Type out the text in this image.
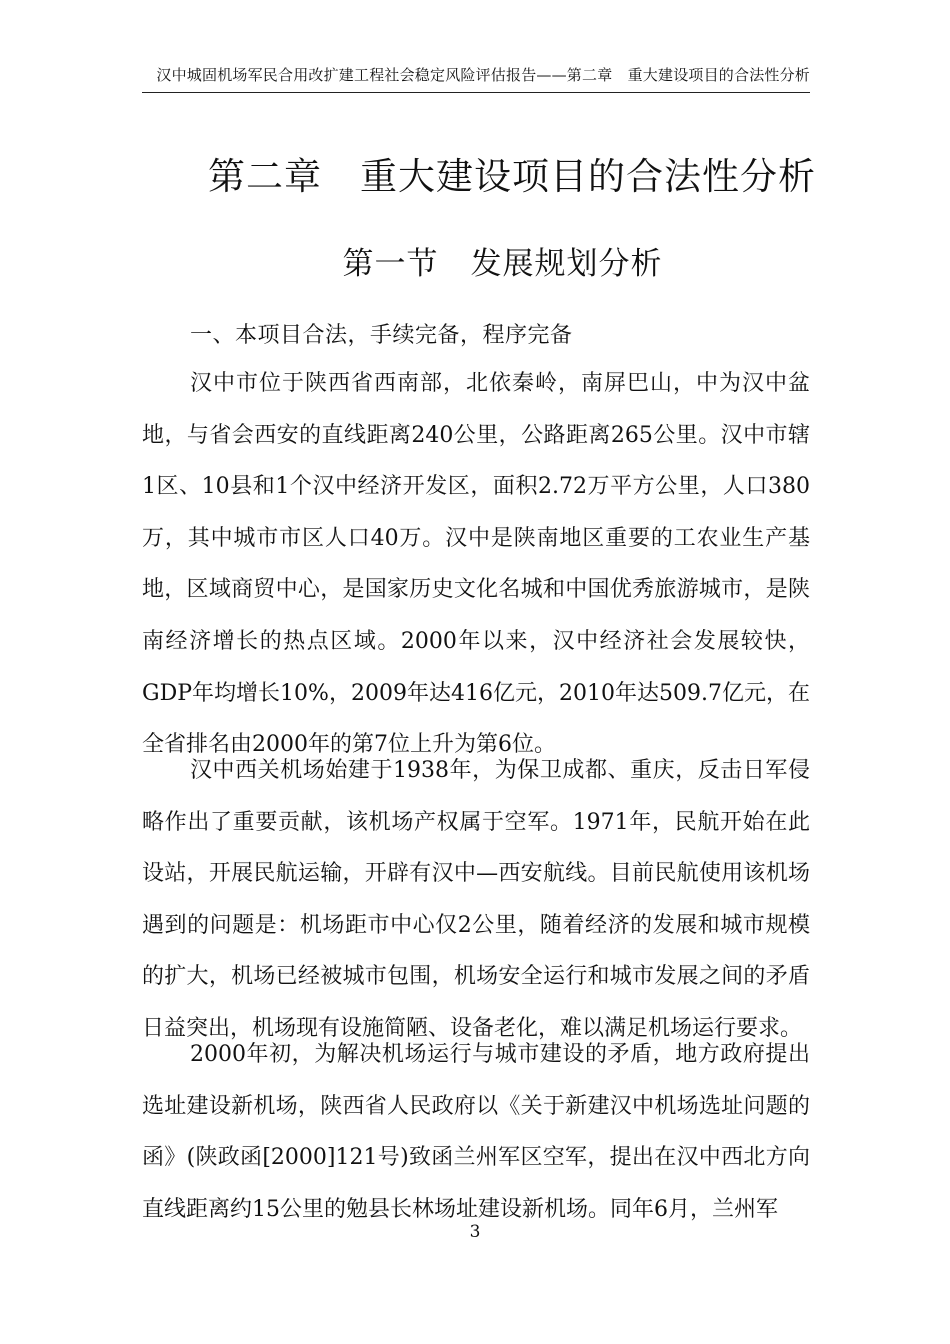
汉中城固机场军民合用改扩建工程社会稳定风险评估报告——第二章　重大建设项目的合法性分析
第二章　重大建设项目的合法性分析
第一节　发展规划分析
一、本项目合法，手续完备，程序完备

汉中市位于陕西省西南部，北依秦岭，南屏巴山，中为汉中盆地，与省会西安的直线距离240公里，公路距离265公里。汉中市辖1区、10县和1个汉中经济开发区，面积2.72万平方公里，人口380万，其中城市市区人口40万。汉中是陕南地区重要的工农业生产基地，区域商贸中心，是国家历史文化名城和中国优秀旅游城市，是陕南经济增长的热点区域。2000年以来，汉中经济社会发展较快，GDP年均增长10%，2009年达416亿元，2010年达509.7亿元，在全省排名由2000年的第7位上升为第6位。

汉中西关机场始建于1938年，为保卫成都、重庆，反击日军侵略作出了重要贡献，该机场产权属于空军。1971年，民航开始在此设站，开展民航运输，开辟有汉中—西安航线。目前民航使用该机场遇到的问题是：机场距市中心仅2公里，随着经济的发展和城市规模的扩大，机场已经被城市包围，机场安全运行和城市发展之间的矛盾日益突出，机场现有设施简陋、设备老化，难以满足机场运行要求。

2000年初，为解决机场运行与城市建设的矛盾，地方政府提出选址建设新机场，陕西省人民政府以《关于新建汉中机场选址问题的函》(陕政函[2000]121号)致函兰州军区空军，提出在汉中西北方向直线距离约15公里的勉县长林场址建设新机场。同年6月，兰州军

3
